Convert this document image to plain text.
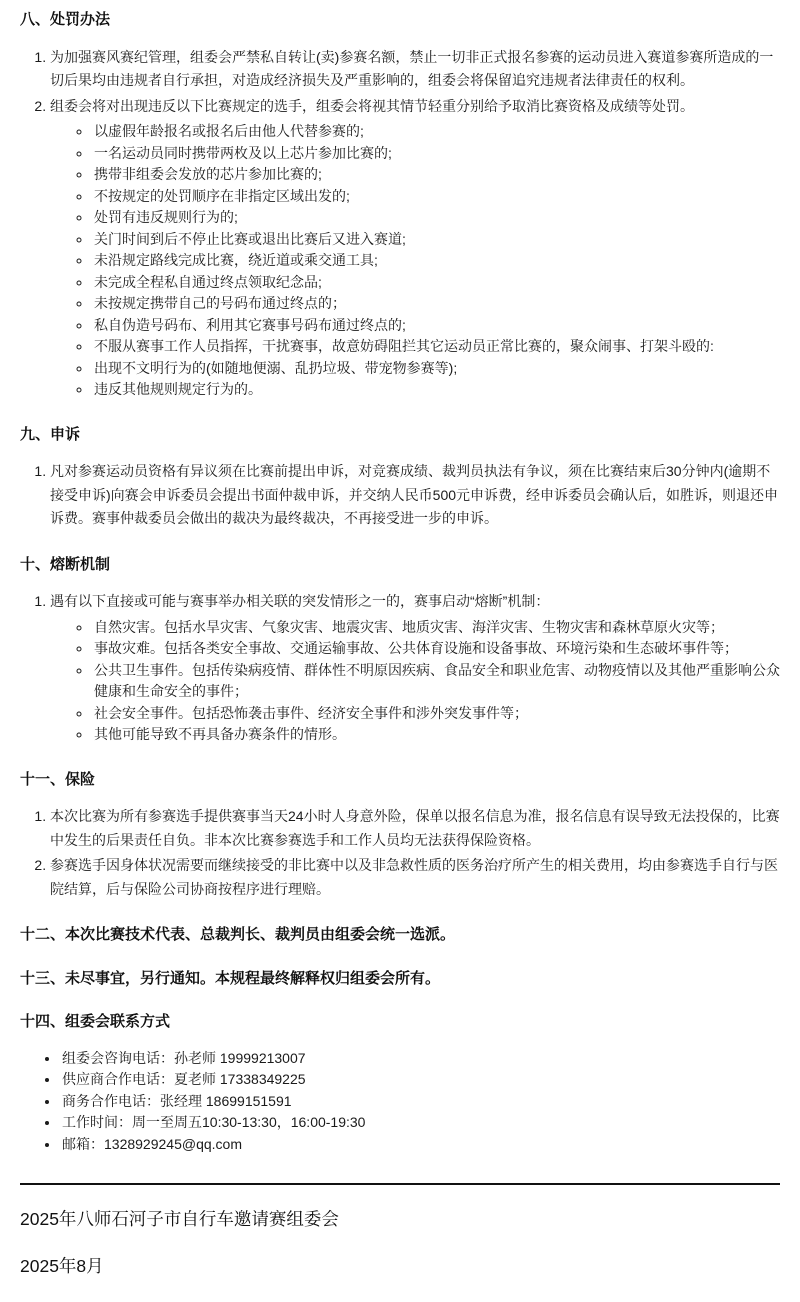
八、处罚办法
1. 为加强赛风赛纪管理，组委会严禁私自转让(卖)参赛名额，禁止一切非正式报名参赛的运动员进入赛道参赛所造成的一切后果均由违规者自行承担，对造成经济损失及严重影响的，组委会将保留追究违规者法律责任的权利。
2. 组委会将对出现违反以下比赛规定的选手，组委会将视其情节轻重分别给予取消比赛资格及成绩等处罚。
◦ 以虚假年龄报名或报名后由他人代替参赛的;
◦ 一名运动员同时携带两枚及以上芯片参加比赛的;
◦ 携带非组委会发放的芯片参加比赛的;
◦ 不按规定的处罚顺序在非指定区域出发的;
◦ 处罚有违反规则行为的;
◦ 关门时间到后不停止比赛或退出比赛后又进入赛道;
◦ 未沿规定路线完成比赛，绕近道或乘交通工具;
◦ 未完成全程私自通过终点领取纪念品;
◦ 未按规定携带自己的号码布通过终点的；
◦ 私自伪造号码布、利用其它赛事号码布通过终点的;
◦ 不服从赛事工作人员指挥，干扰赛事，故意妨碍阻拦其它运动员正常比赛的，聚众闹事、打架斗殴的:
◦ 出现不文明行为的(如随地便溺、乱扔垃圾、带宠物参赛等);
◦ 违反其他规则规定行为的。
九、申诉
1. 凡对参赛运动员资格有异议须在比赛前提出申诉，对竞赛成绩、裁判员执法有争议，须在比赛结束后30分钟内(逾期不接受申诉)向赛会申诉委员会提出书面仲裁申诉，并交纳人民币500元申诉费，经申诉委员会确认后，如胜诉，则退还申诉费。赛事仲裁委员会做出的裁决为最终裁决，不再接受进一步的申诉。
十、熔断机制
1. 遇有以下直接或可能与赛事举办相关联的突发情形之一的，赛事启动“熔断”机制：
◦ 自然灾害。包括水旱灾害、气象灾害、地震灾害、地质灾害、海洋灾害、生物灾害和森林草原火灾等；
◦ 事故灾难。包括各类安全事故、交通运输事故、公共体育设施和设备事故、环境污染和生态破坏事件等；
◦ 公共卫生事件。包括传染病疫情、群体性不明原因疾病、食品安全和职业危害、动物疫情以及其他严重影响公众健康和生命安全的事件；
◦ 社会安全事件。包括恐怖袭击事件、经济安全事件和涉外突发事件等；
◦ 其他可能导致不再具备办赛条件的情形。
十一、保险
1. 本次比赛为所有参赛选手提供赛事当天24小时人身意外险，保单以报名信息为准，报名信息有误导致无法投保的，比赛中发生的后果责任自负。非本次比赛参赛选手和工作人员均无法获得保险资格。
2. 参赛选手因身体状况需要而继续接受的非比赛中以及非急救性质的医务治疗所产生的相关费用，均由参赛选手自行与医院结算，后与保险公司协商按程序进行理赔。
十二、本次比赛技术代表、总裁判长、裁判员由组委会统一选派。
十三、未尽事宜，另行通知。本规程最终解释权归组委会所有。
十四、组委会联系方式
• 组委会咨询电话：孙老师 19999213007
• 供应商合作电话：夏老师 17338349225
• 商务合作电话：张经理 18699151591
• 工作时间：周一至周五10:30-13:30，16:00-19:30
• 邮箱：1328929245@qq.com

2025年八师石河子市自行车邀请赛组委会

2025年8月
